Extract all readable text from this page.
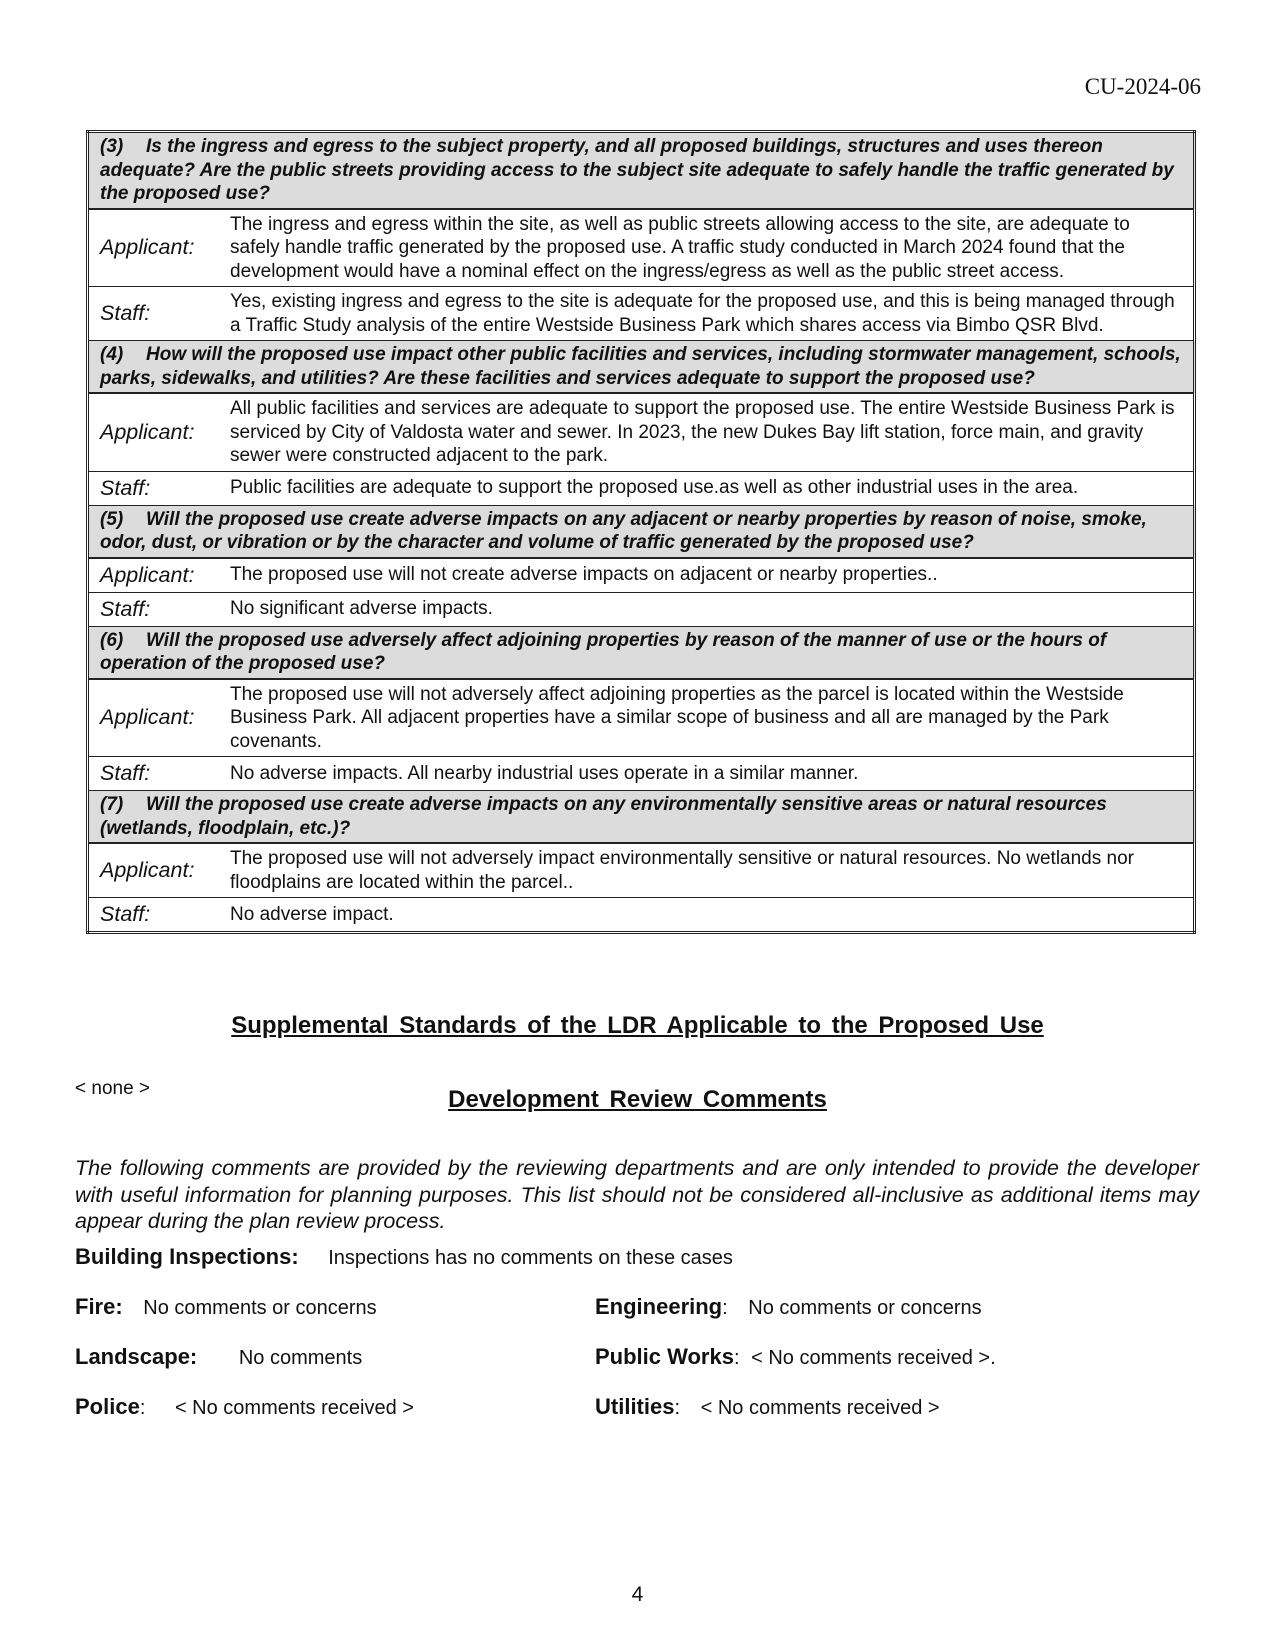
CU-2024-06
(3) Is the ingress and egress to the subject property, and all proposed buildings, structures and uses thereon adequate? Are the public streets providing access to the subject site adequate to safely handle the traffic generated by the proposed use?	
Applicant:	The ingress and egress within the site, as well as public streets allowing access to the site, are adequate to safely handle traffic generated by the proposed use. A traffic study conducted in March 2024 found that the development would have a nominal effect on the ingress/egress as well as the public street access.
Staff:	Yes, existing ingress and egress to the site is adequate for the proposed use, and this is being managed through a Traffic Study analysis of the entire Westside Business Park which shares access via Bimbo QSR Blvd.
(4) How will the proposed use impact other public facilities and services, including stormwater management, schools, parks, sidewalks, and utilities? Are these facilities and services adequate to support the proposed use?	
Applicant:	All public facilities and services are adequate to support the proposed use. The entire Westside Business Park is serviced by City of Valdosta water and sewer. In 2023, the new Dukes Bay lift station, force main, and gravity sewer were constructed adjacent to the park.
Staff:	Public facilities are adequate to support the proposed use.as well as other industrial uses in the area.
(5) Will the proposed use create adverse impacts on any adjacent or nearby properties by reason of noise, smoke, odor, dust, or vibration or by the character and volume of traffic generated by the proposed use?	
Applicant:	The proposed use will not create adverse impacts on adjacent or nearby properties..
Staff:	No significant adverse impacts.
(6) Will the proposed use adversely affect adjoining properties by reason of the manner of use or the hours of operation of the proposed use?	
Applicant:	The proposed use will not adversely affect adjoining properties as the parcel is located within the Westside Business Park. All adjacent properties have a similar scope of business and all are managed by the Park covenants.
Staff:	No adverse impacts. All nearby industrial uses operate in a similar manner.
(7) Will the proposed use create adverse impacts on any environmentally sensitive areas or natural resources (wetlands, floodplain, etc.)?	
Applicant:	The proposed use will not adversely impact environmentally sensitive or natural resources. No wetlands nor floodplains are located within the parcel..
Staff:	No adverse impact.
Supplemental Standards of the LDR Applicable to the Proposed Use
< none >	Development Review Comments
The following comments are provided by the reviewing departments and are only intended to provide the developer with useful information for planning purposes. This list should not be considered all-inclusive as additional items may appear during the plan review process.
Building Inspections: Inspections has no comments on these cases
Fire: No comments or concerns	Engineering: No comments or concerns
Landscape: No comments	Public Works: < No comments received >.
Police: < No comments received >	Utilities: < No comments received >
4
